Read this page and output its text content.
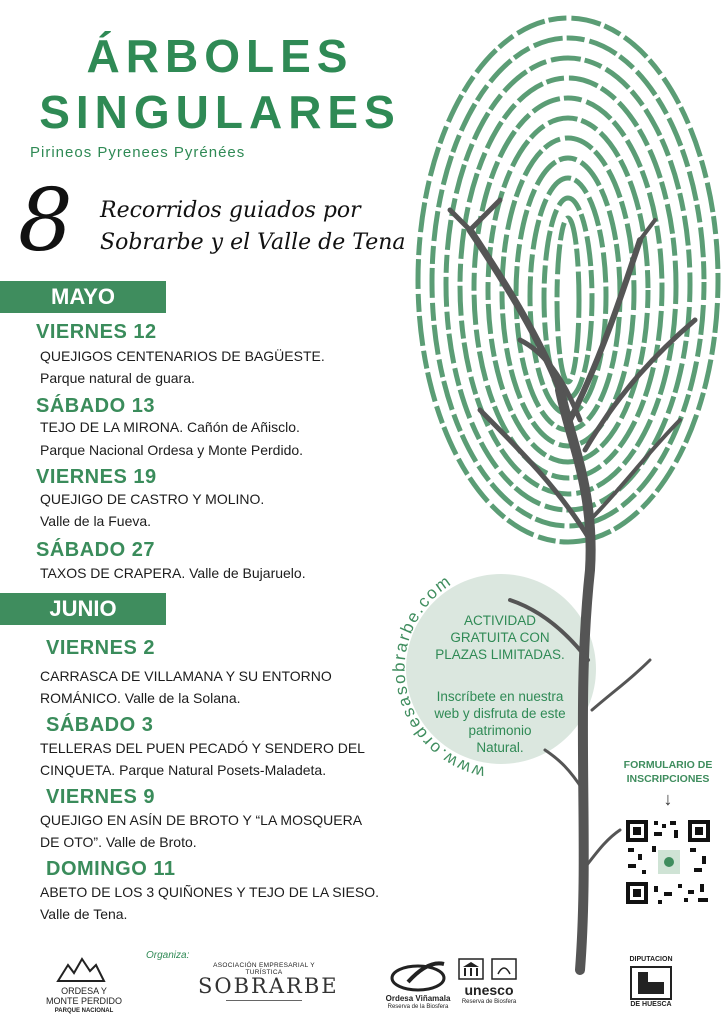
www.ordesasobrarbe.com
ÁRBOLES
SINGULARES
Pirineos Pyrenees Pyrénées
8 Recorridos guiados por
Sobrarbe y el Valle de Tena
MAYO
VIERNES 12
QUEJIGOS CENTENARIOS DE BAGÜESTE.
Parque natural de guara.
SÁBADO 13
TEJO DE LA MIRONA. Cañón de Añisclo.
Parque Nacional Ordesa y Monte Perdido.
VIERNES 19
QUEJIGO DE CASTRO Y MOLINO.
Valle de la Fueva.
SÁBADO 27
TAXOS DE CRAPERA. Valle de Bujaruelo.
JUNIO
VIERNES 2
CARRASCA DE VILLAMANA Y SU ENTORNO
ROMÁNICO. Valle de la Solana.
SÁBADO 3
TELLERAS DEL PUEN PECADÓ Y SENDERO DEL
CINQUETA. Parque Natural Posets-Maladeta.
VIERNES 9
QUEJIGO EN ASÍN DE BROTO Y “LA MOSQUERA
DE OTO”. Valle de Broto.
DOMINGO 11
ABETO DE LOS 3 QUIÑONES Y TEJO DE LA SIESO.
Valle de Tena.
ACTIVIDAD
GRATUITA CON
PLAZAS LIMITADAS.
Inscríbete en nuestra
web y disfruta de este
patrimonio
Natural.
FORMULARIO DE
INSCRIPCIONES
↓
ORDESA Y
MONTE PERDIDO
PARQUE NACIONAL
Organiza:
ASOCIACIÓN EMPRESARIAL Y TURÍSTICA
SOBRARBE
Ordesa Viñamala
Reserva de la Biosfera
unesco
Reserva de Biosfera
DIPUTACION
DE HUESCA
